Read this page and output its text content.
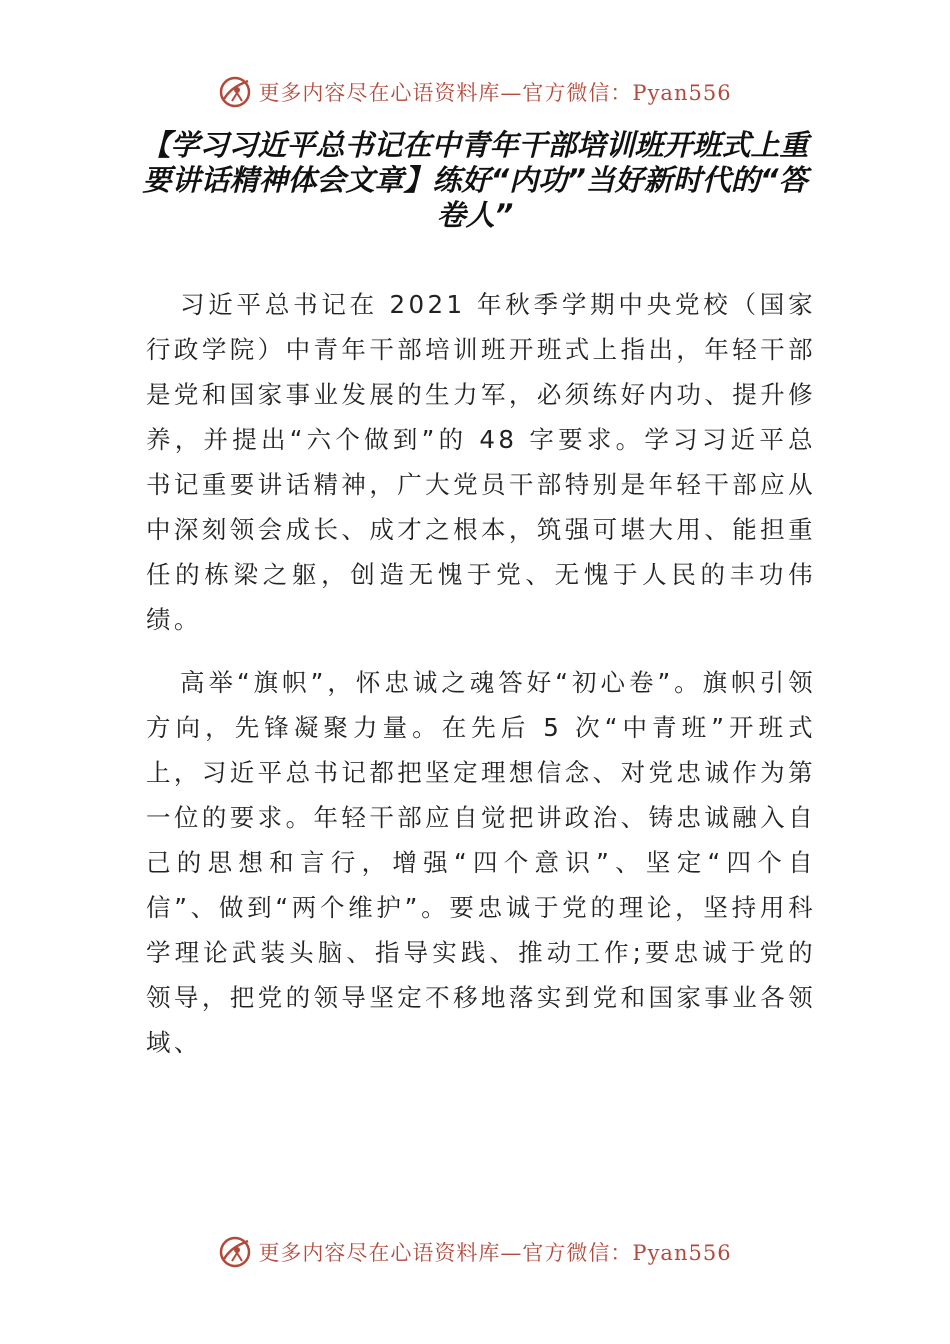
更多内容尽在心语资料库—官方微信：Pyan556
【学习习近平总书记在中青年干部培训班开班式上重要讲话精神体会文章】练好“内功”当好新时代的“答卷人”

习近平总书记在 2021 年秋季学期中央党校（国家行政学院）中青年干部培训班开班式上指出，年轻干部是党和国家事业发展的生力军，必须练好内功、提升修养，并提出“六个做到”的 48 字要求。学习习近平总书记重要讲话精神，广大党员干部特别是年轻干部应从中深刻领会成长、成才之根本，筑强可堪大用、能担重任的栋梁之躯，创造无愧于党、无愧于人民的丰功伟绩。

高举“旗帜”，怀忠诚之魂答好“初心卷”。旗帜引领方向，先锋凝聚力量。在先后 5 次“中青班”开班式上，习近平总书记都把坚定理想信念、对党忠诚作为第一位的要求。年轻干部应自觉把讲政治、铸忠诚融入自己的思想和言行，增强“四个意识”、坚定“四个自信”、做到“两个维护”。要忠诚于党的理论，坚持用科学理论武装头脑、指导实践、推动工作;要忠诚于党的领导，把党的领导坚定不移地落实到党和国家事业各领域、

更多内容尽在心语资料库—官方微信：Pyan556
